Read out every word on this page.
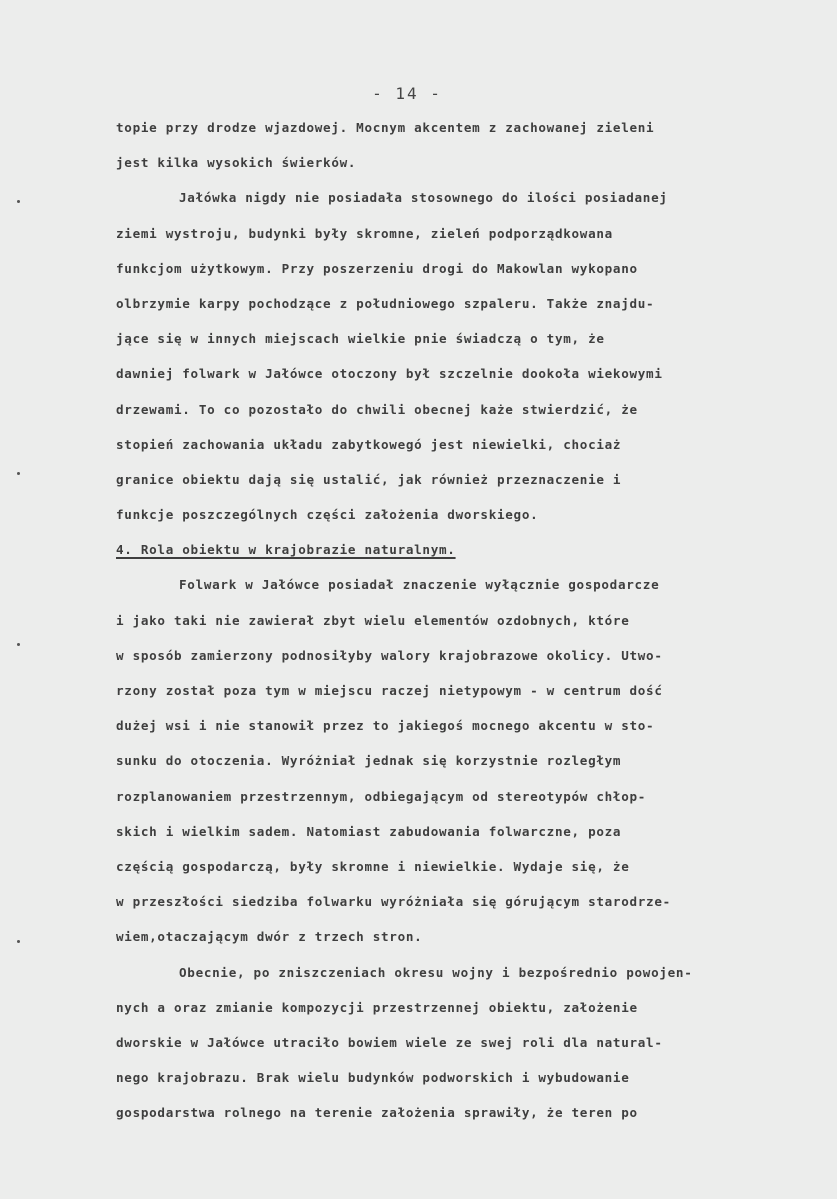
- 14 -
topie przy drodze wjazdowej. Mocnym akcentem z zachowanej zieleni
jest kilka wysokich świerków.
Jałówka nigdy nie posiadała stosownego do ilości posiadanej
ziemi wystroju, budynki były skromne, zieleń podporządkowana
funkcjom użytkowym. Przy poszerzeniu drogi do Makowlan wykopano
olbrzymie karpy pochodzące z południowego szpaleru. Także znajdu-
jące się w innych miejscach wielkie pnie świadczą o tym, że
dawniej folwark w Jałówce otoczony był szczelnie dookoła wiekowymi
drzewami. To co pozostało do chwili obecnej każe stwierdzić, że
stopień zachowania układu zabytkowegó jest niewielki, chociaż
granice obiektu dają się ustalić, jak również przeznaczenie i
funkcje poszczególnych części założenia dworskiego.
4. Rola obiektu w krajobrazie naturalnym.
Folwark w Jałówce posiadał znaczenie wyłącznie gospodarcze
i jako taki nie zawierał zbyt wielu elementów ozdobnych, które
w sposób zamierzony podnosiłyby walory krajobrazowe okolicy. Utwo-
rzony został poza tym w miejscu raczej nietypowym - w centrum dość
dużej wsi i nie stanowił przez to jakiegoś mocnego akcentu w sto-
sunku do otoczenia. Wyróżniał jednak się korzystnie rozległym
rozplanowaniem przestrzennym, odbiegającym od stereotypów chłop-
skich i wielkim sadem. Natomiast zabudowania folwarczne, poza
częścią gospodarczą, były skromne i niewielkie. Wydaje się, że
w przeszłości siedziba folwarku wyróżniała się górującym starodrze-
wiem,otaczającym dwór z trzech stron.
Obecnie, po zniszczeniach okresu wojny i bezpośrednio powojen-
nych a oraz zmianie kompozycji przestrzennej obiektu, założenie
dworskie w Jałówce utraciło bowiem wiele ze swej roli dla natural-
nego krajobrazu. Brak wielu budynków podworskich i wybudowanie
gospodarstwa rolnego na terenie założenia sprawiły, że teren po
